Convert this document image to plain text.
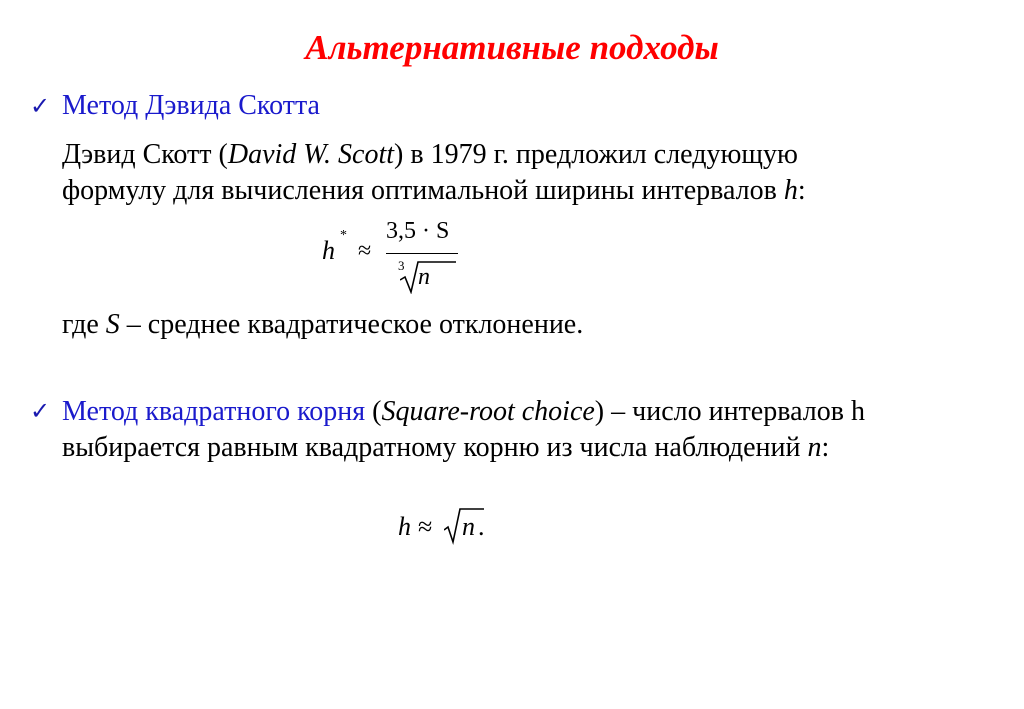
Альтернативные подходы
✓ Метод Дэвида Скотта
Дэвид Скотт (David W. Scott) в 1979 г. предложил следующую
формулу для вычисления оптимальной ширины интервалов h:
h
*
≈
3,5 · S
3 n
где S – среднее квадратическое отклонение.
✓ Метод квадратного корня (Square-root choice) – число интервалов h
выбирается равным квадратному корню из числа наблюдений n:
h ≈ n .
